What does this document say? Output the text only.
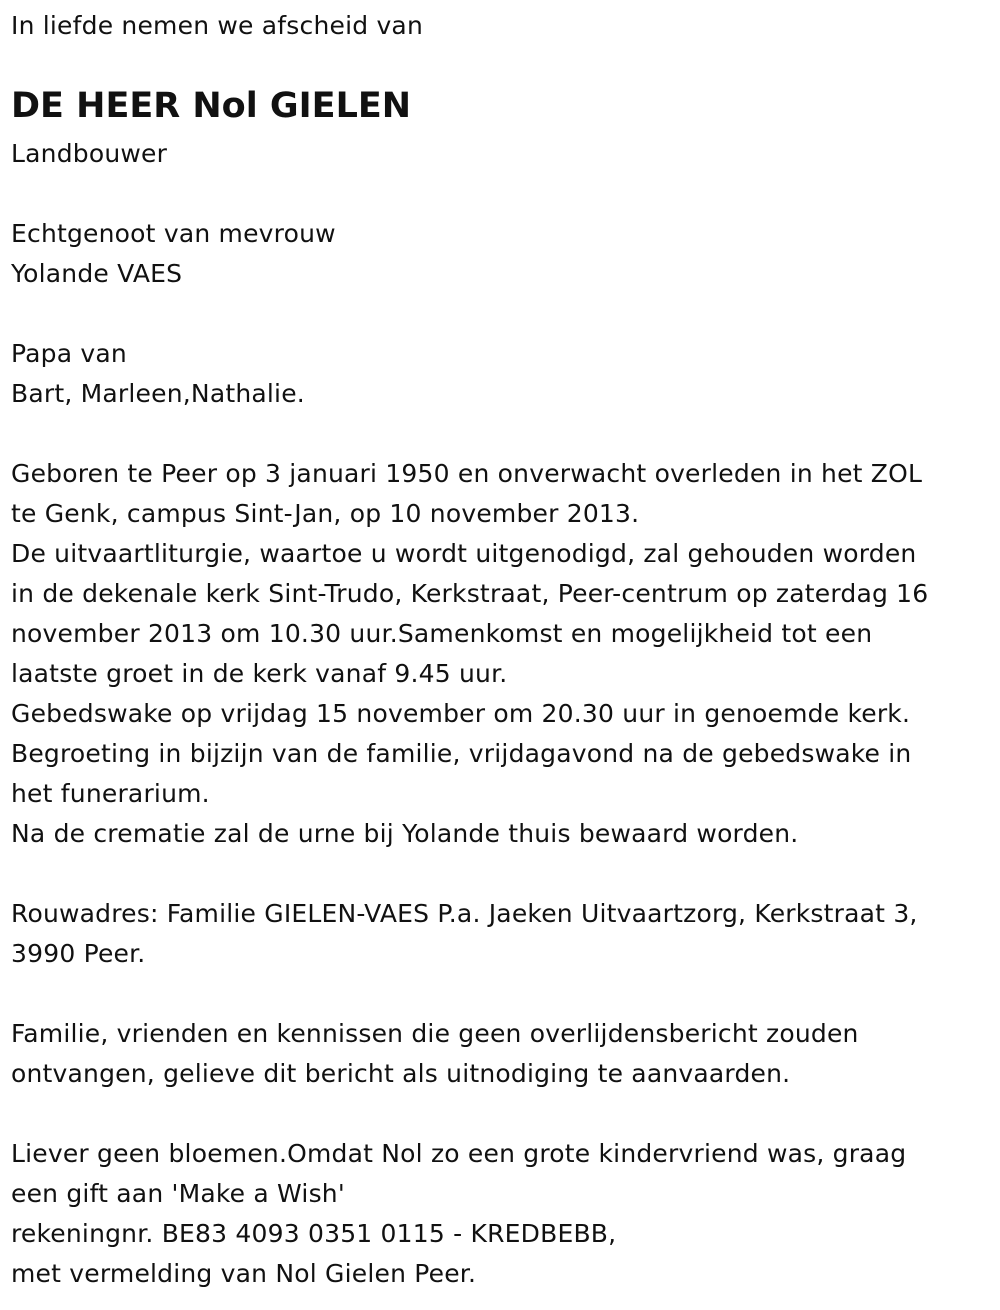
In liefde nemen we afscheid van
DE HEER Nol GIELEN
Landbouwer
Echtgenoot van mevrouw
Yolande VAES
Papa van
Bart, Marleen,Nathalie.
Geboren te Peer op 3 januari 1950 en onverwacht overleden in het ZOL
te Genk, campus Sint-Jan, op 10 november 2013.
De uitvaartliturgie, waartoe u wordt uitgenodigd, zal gehouden worden
in de dekenale kerk Sint-Trudo, Kerkstraat, Peer-centrum op zaterdag 16
november 2013 om 10.30 uur.Samenkomst en mogelijkheid tot een
laatste groet in de kerk vanaf 9.45 uur.
Gebedswake op vrijdag 15 november om 20.30 uur in genoemde kerk.
Begroeting in bijzijn van de familie, vrijdagavond na de gebedswake in
het funerarium.
Na de crematie zal de urne bij Yolande thuis bewaard worden.
Rouwadres: Familie GIELEN-VAES P.a. Jaeken Uitvaartzorg, Kerkstraat 3,
3990 Peer.
Familie, vrienden en kennissen die geen overlijdensbericht zouden
ontvangen, gelieve dit bericht als uitnodiging te aanvaarden.
Liever geen bloemen.Omdat Nol zo een grote kindervriend was, graag
een gift aan 'Make a Wish'
rekeningnr. BE83 4093 0351 0115 - KREDBEBB,
met vermelding van Nol Gielen Peer.
